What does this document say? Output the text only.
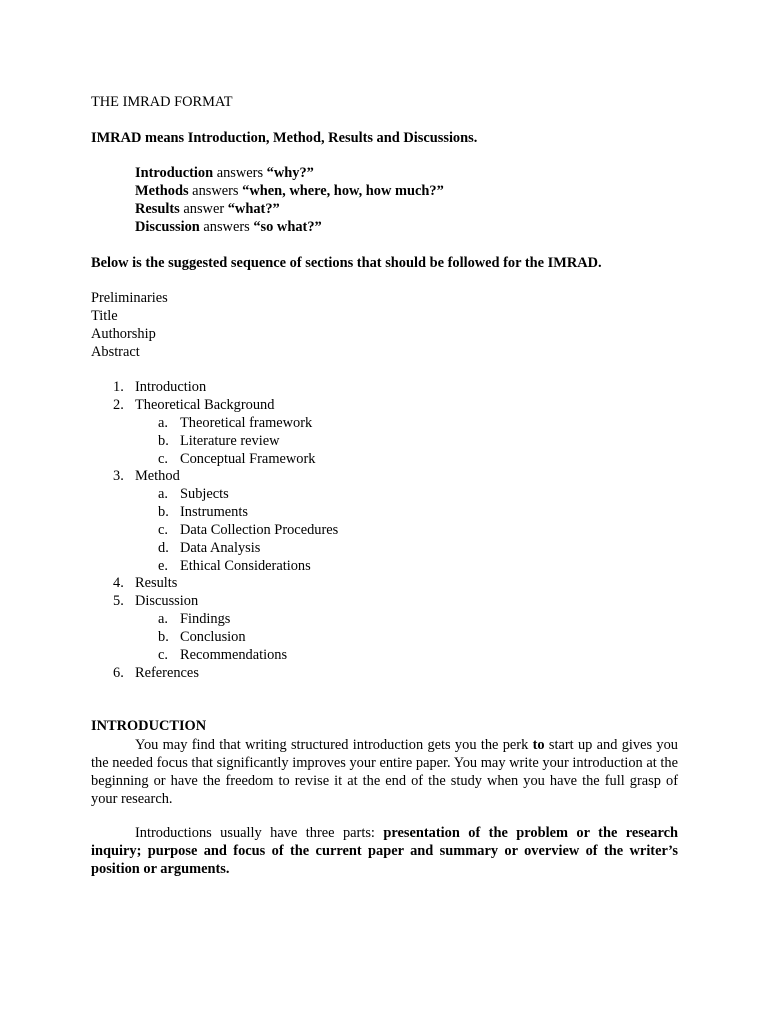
THE IMRAD FORMAT
IMRAD means Introduction, Method, Results and Discussions.
Introduction answers “why?”
Methods answers “when, where, how, how much?”
Results answer “what?”
Discussion answers “so what?”
Below is the suggested sequence of sections that should be followed for the IMRAD.
Preliminaries
Title
Authorship
Abstract
1. Introduction
2. Theoretical Background
a. Theoretical framework
b. Literature review
c. Conceptual Framework
3. Method
a. Subjects
b. Instruments
c. Data Collection Procedures
d. Data Analysis
e. Ethical Considerations
4. Results
5. Discussion
a. Findings
b. Conclusion
c. Recommendations
6. References
INTRODUCTION
You may find that writing structured introduction gets you the perk to start up and gives you the needed focus that significantly improves your entire paper. You may write your introduction at the beginning or have the freedom to revise it at the end of the study when you have the full grasp of your research.
Introductions usually have three parts: presentation of the problem or the research inquiry; purpose and focus of the current paper and summary or overview of the writer’s position or arguments.
